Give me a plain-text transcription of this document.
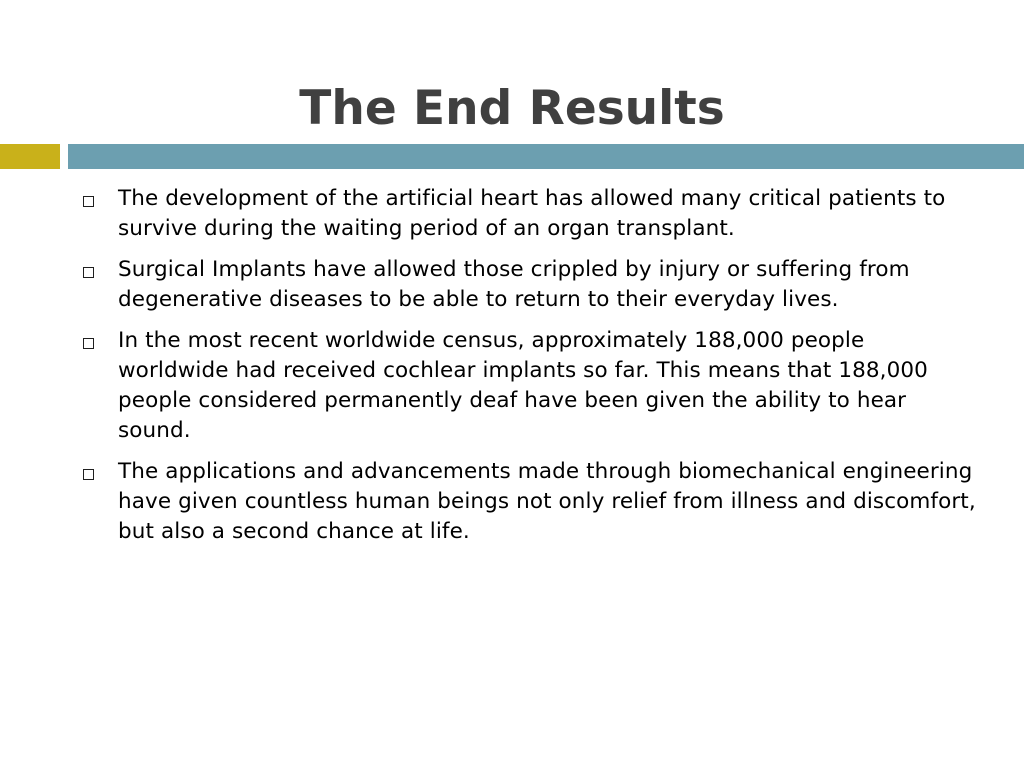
The End Results
The development of the artificial heart has allowed many critical patients to survive during the waiting period of an organ transplant.
Surgical Implants have allowed those crippled by injury or suffering from degenerative diseases to be able to return to their everyday lives.
In the most recent worldwide census, approximately 188,000 people worldwide had received cochlear implants so far. This means that 188,000 people considered permanently deaf have been given the ability to hear sound.
The applications and advancements made through biomechanical engineering have given countless human beings not only relief from illness and discomfort, but also a second chance at life.
